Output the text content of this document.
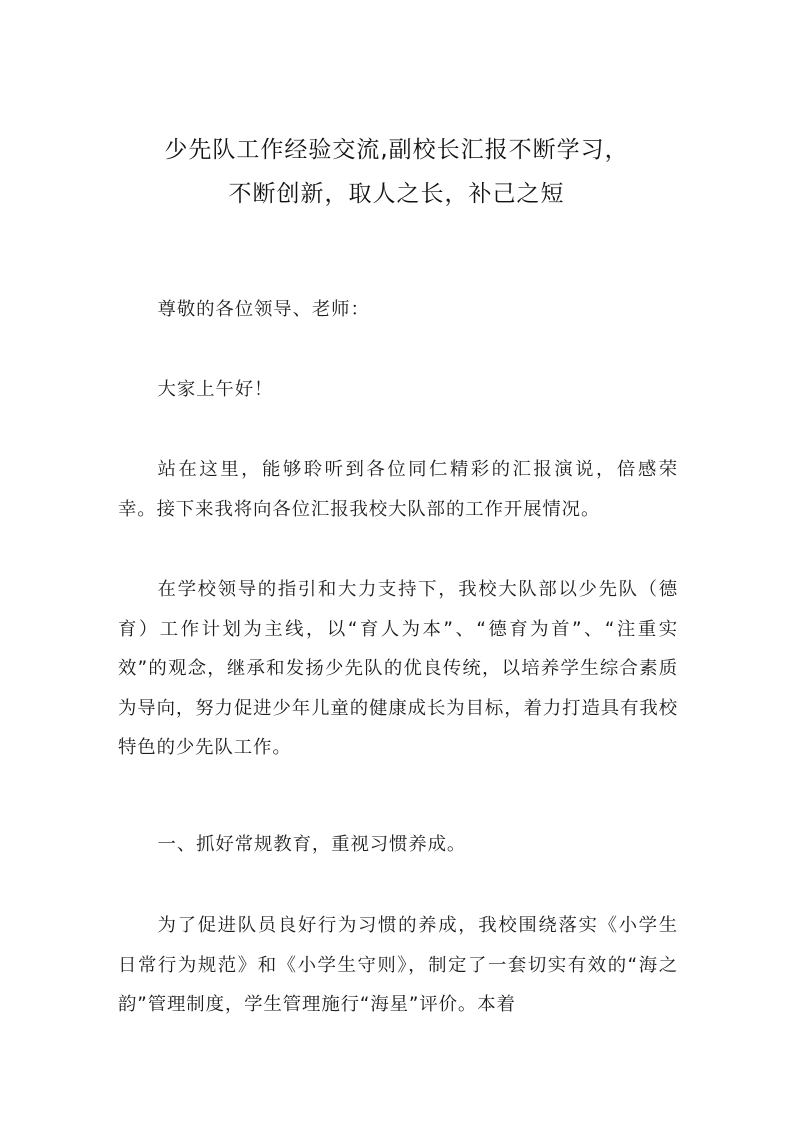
少先队工作经验交流,副校长汇报不断学习，
不断创新，取人之长，补己之短

尊敬的各位领导、老师：

大家上午好！

站在这里，能够聆听到各位同仁精彩的汇报演说，倍感荣幸。接下来我将向各位汇报我校大队部的工作开展情况。

在学校领导的指引和大力支持下，我校大队部以少先队（德育）工作计划为主线，以“育人为本”、“德育为首”、“注重实效”的观念，继承和发扬少先队的优良传统，以培养学生综合素质为导向，努力促进少年儿童的健康成长为目标，着力打造具有我校特色的少先队工作。

一、抓好常规教育，重视习惯养成。

为了促进队员良好行为习惯的养成，我校围绕落实《小学生日常行为规范》和《小学生守则》，制定了一套切实有效的“海之韵”管理制度，学生管理施行“海星”评价。本着
